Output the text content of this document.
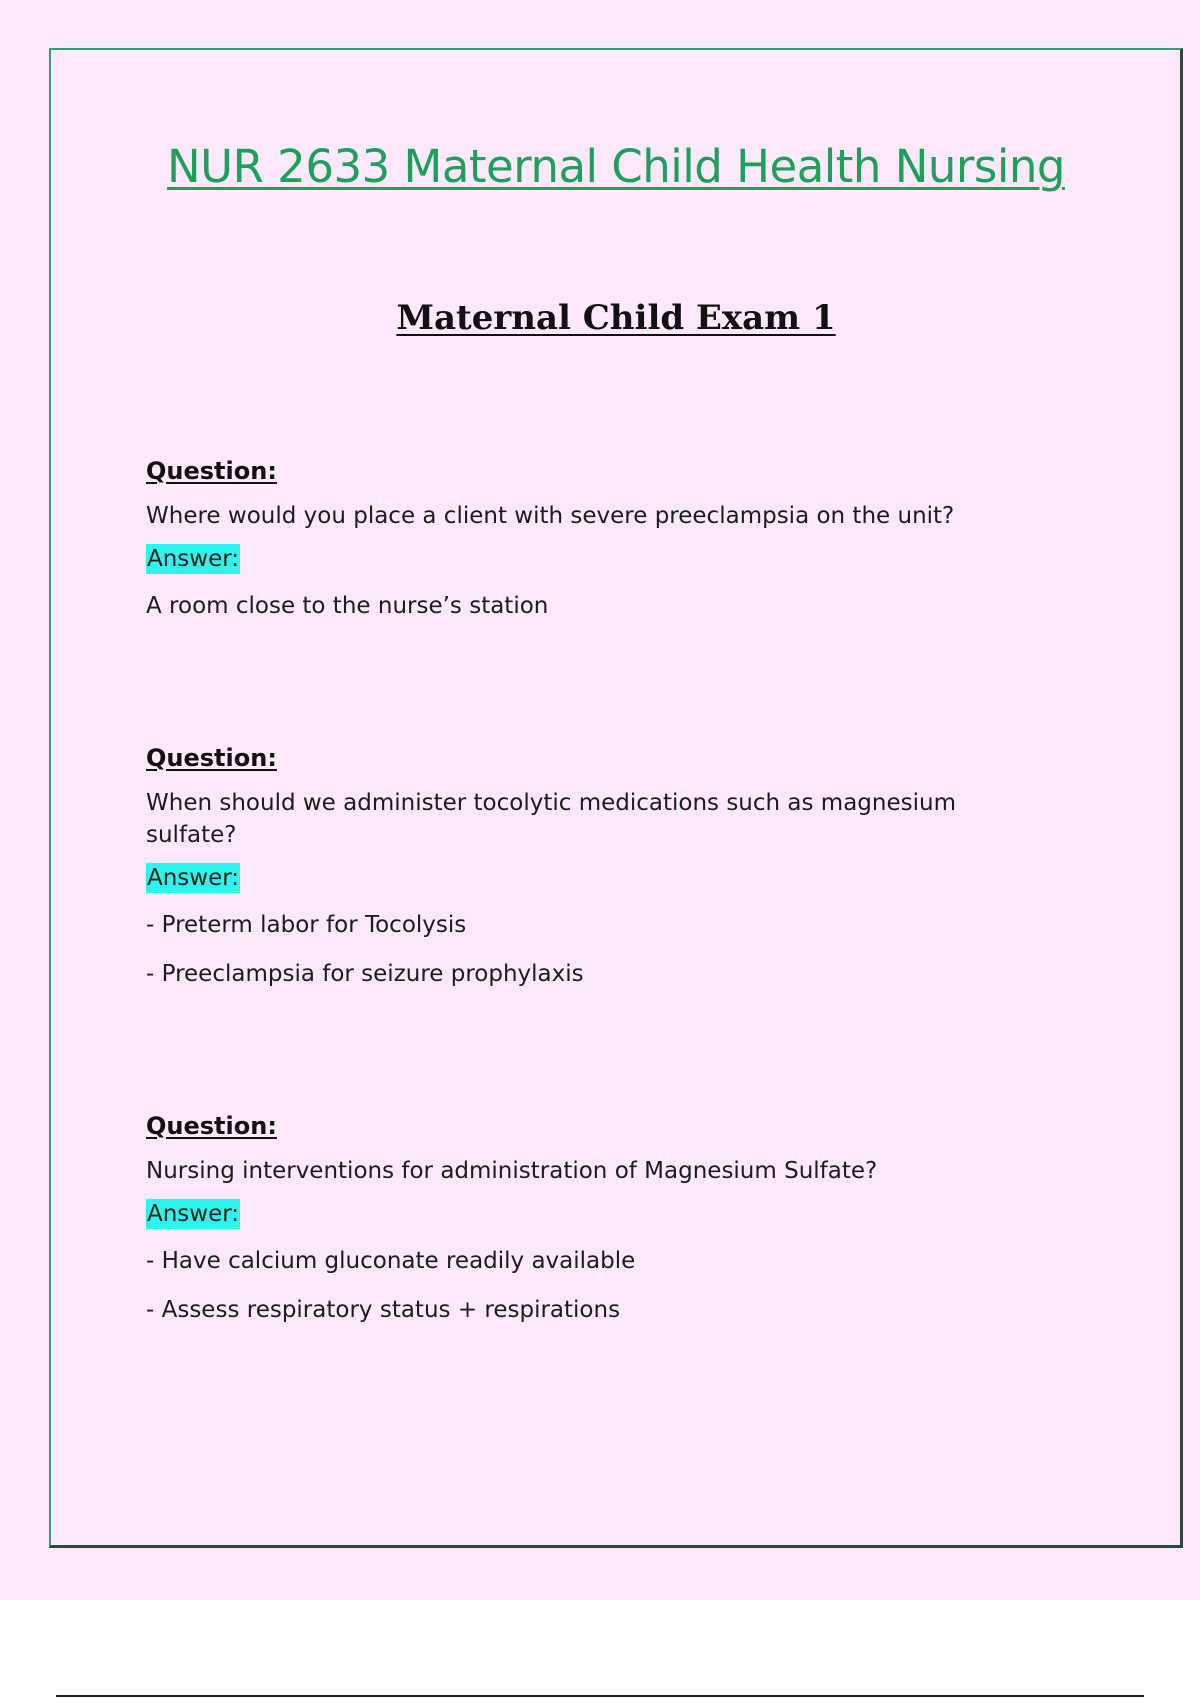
NUR 2633 Maternal Child Health Nursing
Maternal Child Exam 1

Question:

Where would you place a client with severe preeclampsia on the unit?

Answer:

A room close to the nurse’s station

Question:

When should we administer tocolytic medications such as magnesium sulfate?

Answer:

- Preterm labor for Tocolysis

- Preeclampsia for seizure prophylaxis

Question:

Nursing interventions for administration of Magnesium Sulfate?

Answer:

- Have calcium gluconate readily available

- Assess respiratory status + respirations
